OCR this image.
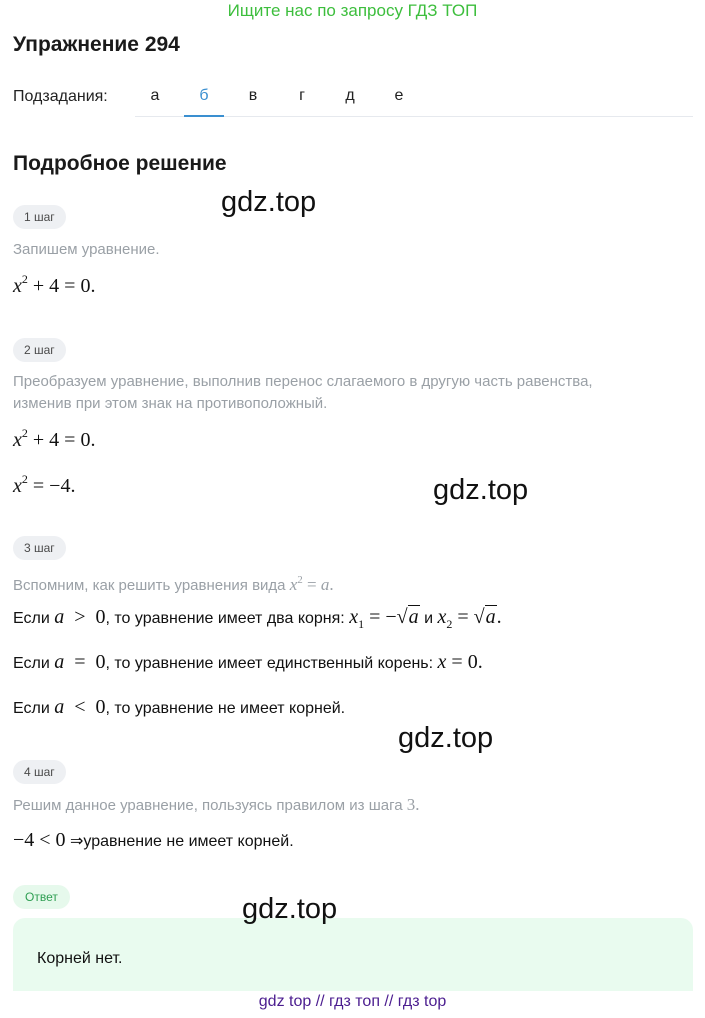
Ищите нас по запросу ГДЗ ТОП
Упражнение 294
Подзадания:	а	б	в	г	д	е
Подробное решение
gdz.top
1 шаг
Запишем уравнение.
$x^2 + 4 = 0$.
2 шаг
Преобразуем уравнение, выполнив перенос слагаемого в другую часть равенства,
изменив при этом знак на противоположный.
$x^2 + 4 = 0$.
$x^2 = -4$.	gdz.top
3 шаг
Вспомним, как решить уравнения вида $x^2 = a$.
Если a  >  0, то уравнение имеет два корня: $x_1 = -√a$ и $x_2 = √a$.
Если a  =  0, то уравнение имеет единственный корень: x = 0.
Если a  <  0, то уравнение не имеет корней.
gdz.top
4 шаг
Решим данное уравнение, пользуясь правилом из шага 3.
−4 < 0 ⇒уравнение не имеет корней.
Ответ
Корней нет.
gdz.top
gdz top // гдз топ // гдз top
